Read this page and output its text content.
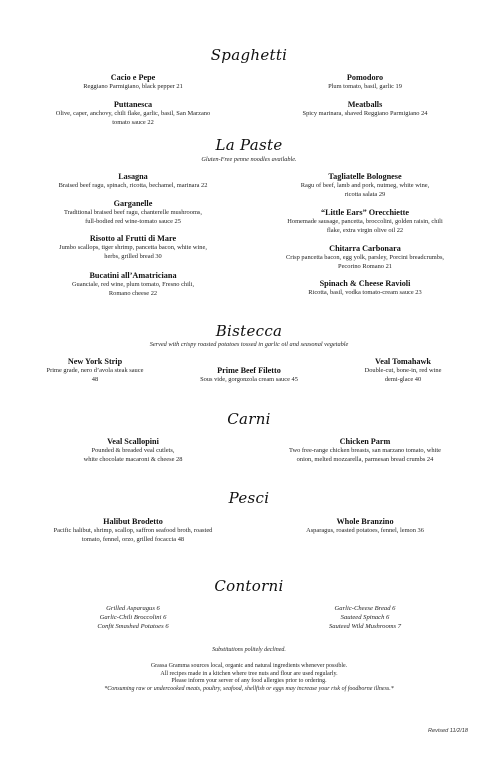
Spaghetti
Cacio e Pepe
Reggiano Parmigiano, black pepper 21
Pomodoro
Plum tomato, basil, garlic 19
Puttanesca
Olive, caper, anchovy, chili flake, garlic, basil, San Marzano
tomato sauce 22
Meatballs
Spicy marinara, shaved Reggiano Parmigiano 24
La Paste
Gluten-Free penne noodles available.
Lasagna
Braised beef ragu, spinach, ricotta, bechamel, marinara 22
Tagliatelle Bolognese
Ragu of beef, lamb and pork, nutmeg, white wine,
ricotta salata 29
Garganelle
Traditional braised beef ragu, chanterelle mushrooms,
full-bodied red wine-tomato sauce 25
“Little Ears” Orecchiette
Homemade sausage, pancetta, broccolini, golden raisin, chili
flake, extra virgin olive oil 22
Risotto al Frutti di Mare
Jumbo scallops, tiger shrimp, pancetta bacon, white wine,
herbs, grilled bread 30
Chitarra Carbonara
Crisp pancetta bacon, egg yolk, parsley, Porcini breadcrumbs,
Pecorino Romano 21
Bucatini all’Amatriciana
Guanciale, red wine, plum tomato, Fresno chili,
Romano cheese 22
Spinach & Cheese Ravioli
Ricotta, basil, vodka tomato-cream sauce 23
Bistecca
Served with crispy roasted potatoes tossed in garlic oil and seasonal vegetable
New York Strip
Prime grade, nero d’avola steak sauce
48
Prime Beef Filetto
Sous vide, gorgonzola cream sauce 45
Veal Tomahawk
Double-cut, bone-in, red wine
demi-glace 40
Carni
Veal Scallopini
Pounded & breaded veal cutlets,
white chocolate macaroni & cheese 28
Chicken Parm
Two free-range chicken breasts, san marzano tomato, white
onion, melted mozzarella, parmesan bread crumbs 24
Pesci
Halibut Brodetto
Pacific halibut, shrimp, scallop, saffron seafood broth, roasted
tomato, fennel, orzo, grilled focaccia 48
Whole Branzino
Asparagus, roasted potatoes, fennel, lemon 36
Contorni
Grilled Asparagus 6
Garlic-Chili Broccolini 6
Confit Smashed Potatoes 6
Garlic-Cheese Bread 6
Sauteed Spinach 6
Sauteed Wild Mushrooms 7
Substitutions politely declined.
Grassa Gramma sources local, organic and natural ingredients whenever possible.
All recipes made in a kitchen where tree nuts and flour are used regularly.
Please inform your server of any food allergies prior to ordering.
*Consuming raw or undercooked meats, poultry, seafood, shellfish or eggs may increase your risk of foodborne illness.*
Revised 11/2/18
